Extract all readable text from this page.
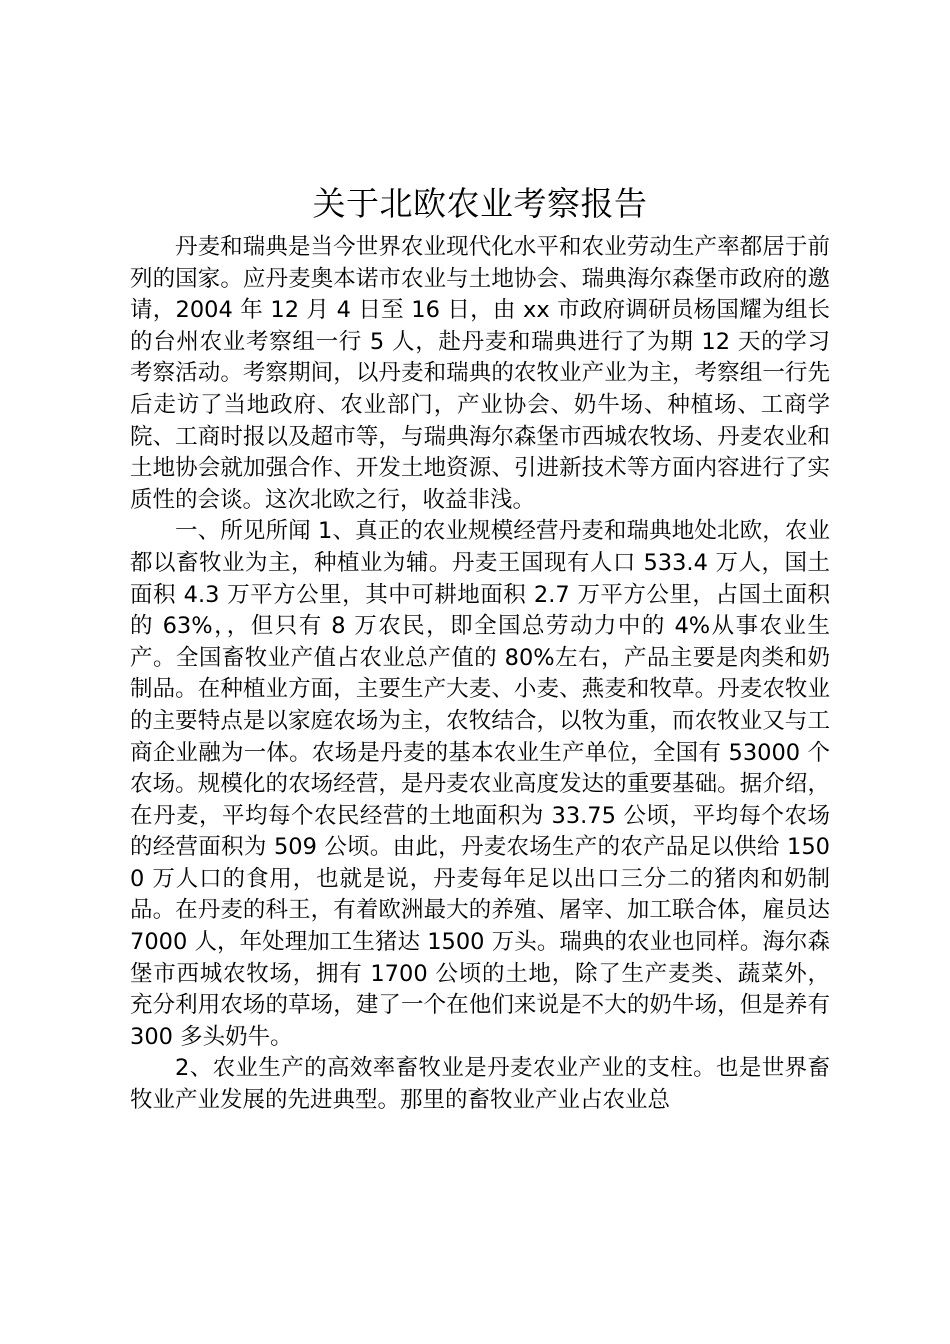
关于北欧农业考察报告

丹麦和瑞典是当今世界农业现代化水平和农业劳动生产率都居于前列的国家。应丹麦奥本诺市农业与土地协会、瑞典海尔森堡市政府的邀请，2004 年 12 月 4 日至 16 日，由 xx 市政府调研员杨国耀为组长的台州农业考察组一行 5 人，赴丹麦和瑞典进行了为期 12 天的学习考察活动。考察期间，以丹麦和瑞典的农牧业产业为主，考察组一行先后走访了当地政府、农业部门，产业协会、奶牛场、种植场、工商学院、工商时报以及超市等，与瑞典海尔森堡市西城农牧场、丹麦农业和土地协会就加强合作、开发土地资源、引进新技术等方面内容进行了实质性的会谈。这次北欧之行，收益非浅。

一、所见所闻 1、真正的农业规模经营丹麦和瑞典地处北欧，农业都以畜牧业为主，种植业为辅。丹麦王国现有人口 533.4 万人，国土面积 4.3 万平方公里，其中可耕地面积 2.7 万平方公里，占国土面积的 63%，，但只有 8 万农民，即全国总劳动力中的 4%从事农业生产。全国畜牧业产值占农业总产值的 80%左右，产品主要是肉类和奶制品。在种植业方面，主要生产大麦、小麦、燕麦和牧草。丹麦农牧业的主要特点是以家庭农场为主，农牧结合，以牧为重，而农牧业又与工商企业融为一体。农场是丹麦的基本农业生产单位，全国有 53000 个农场。规模化的农场经营，是丹麦农业高度发达的重要基础。据介绍，在丹麦，平均每个农民经营的土地面积为 33.75 公顷，平均每个农场的经营面积为 509 公顷。由此，丹麦农场生产的农产品足以供给 1500 万人口的食用，也就是说，丹麦每年足以出口三分二的猪肉和奶制品。在丹麦的科王，有着欧洲最大的养殖、屠宰、加工联合体，雇员达 7000 人，年处理加工生猪达 1500 万头。瑞典的农业也同样。海尔森堡市西城农牧场，拥有 1700 公顷的土地，除了生产麦类、蔬菜外，充分利用农场的草场，建了一个在他们来说是不大的奶牛场，但是养有 300 多头奶牛。

2、农业生产的高效率畜牧业是丹麦农业产业的支柱。也是世界畜牧业产业发展的先进典型。那里的畜牧业产业占农业总
